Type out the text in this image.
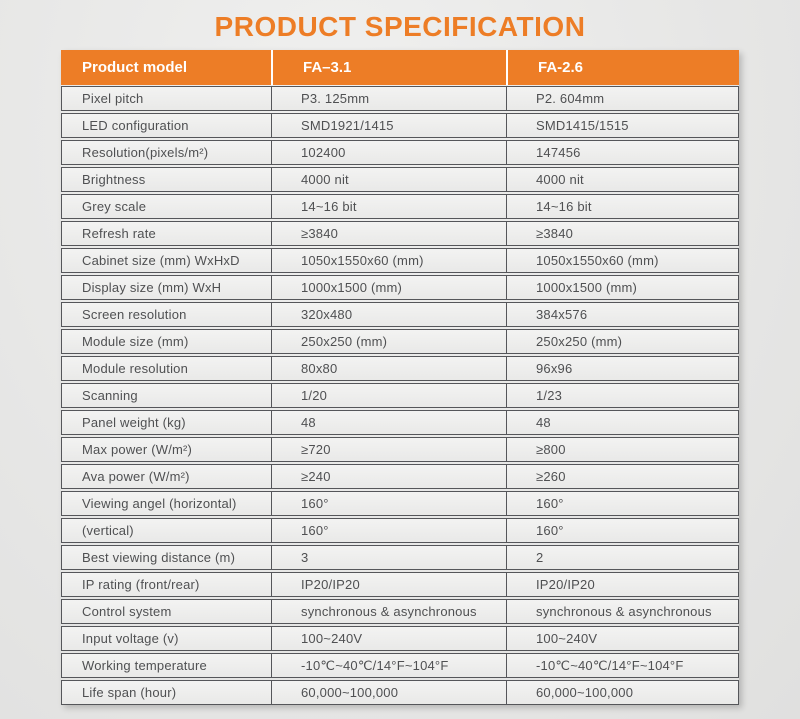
PRODUCT SPECIFICATION
Product model	FA–3.1	FA-2.6
Pixel pitch	P3. 125mm	P2. 604mm
LED configuration	SMD1921/1415	SMD1415/1515
Resolution(pixels/m²)	102400	147456
Brightness	4000 nit	4000 nit
Grey scale	14~16 bit	14~16 bit
Refresh rate	≥3840	≥3840
Cabinet size (mm) WxHxD	1050x1550x60 (mm)	1050x1550x60 (mm)
Display size (mm) WxH	1000x1500 (mm)	1000x1500 (mm)
Screen resolution	320x480	384x576
Module size (mm)	250x250 (mm)	250x250 (mm)
Module resolution	80x80	96x96
Scanning	1/20	1/23
Panel weight (kg)	48	48
Max power (W/m²)	≥720	≥800
Ava power (W/m²)	≥240	≥260
Viewing angel (horizontal)	160°	160°
(vertical)	160°	160°
Best viewing distance (m)	3	2
IP rating (front/rear)	IP20/IP20	IP20/IP20
Control system	synchronous & asynchronous	synchronous & asynchronous
Input voltage (v)	100~240V	100~240V
Working temperature	-10℃~40℃/14°F~104°F	-10℃~40℃/14°F~104°F
Life span (hour)	60,000~100,000	60,000~100,000
